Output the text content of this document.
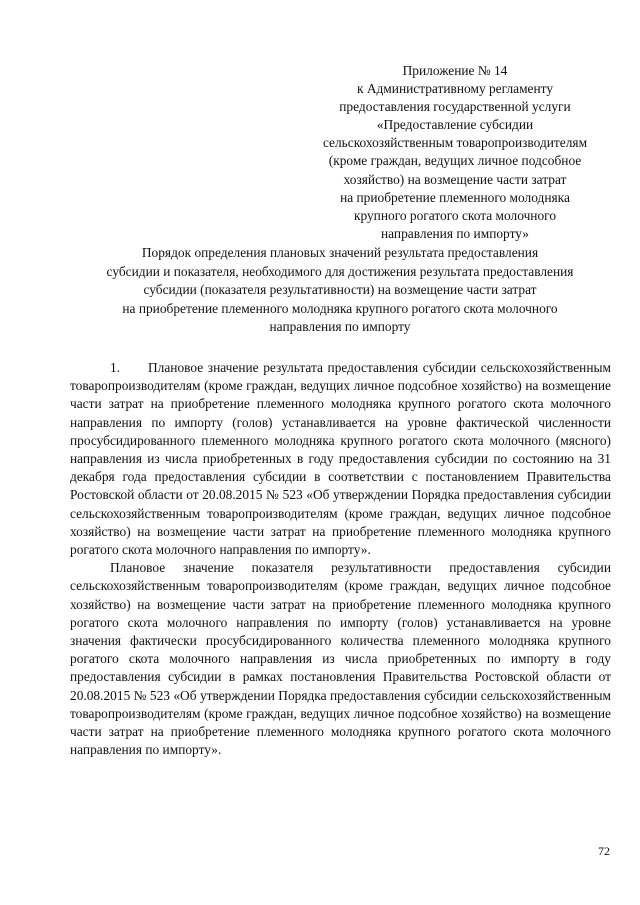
Приложение № 14
к Административному регламенту
предоставления государственной услуги
«Предоставление субсидии
сельскохозяйственным товаропроизводителям
(кроме граждан, ведущих личное подсобное
хозяйство) на возмещение части затрат
на приобретение племенного молодняка
крупного рогатого скота молочного
направления по импорту»
Порядок определения плановых значений результата предоставления
субсидии и показателя, необходимого для достижения результата предоставления
субсидии (показателя результативности) на возмещение части затрат
на приобретение племенного молодняка крупного рогатого скота молочного
направления по импорту

1. Плановое значение результата предоставления субсидии сельскохозяйственным товаропроизводителям (кроме граждан, ведущих личное подсобное хозяйство) на возмещение части затрат на приобретение племенного молодняка крупного рогатого скота молочного направления по импорту (голов) устанавливается на уровне фактической численности просубсидированного племенного молодняка крупного рогатого скота молочного (мясного) направления из числа приобретенных в году предоставления субсидии по состоянию на 31 декабря года предоставления субсидии в соответствии с постановлением Правительства Ростовской области от 20.08.2015 № 523 «Об утверждении Порядка предоставления субсидии сельскохозяйственным товаропроизводителям (кроме граждан, ведущих личное подсобное хозяйство) на возмещение части затрат на приобретение племенного молодняка крупного рогатого скота молочного направления по импорту».

Плановое значение показателя результативности предоставления субсидии сельскохозяйственным товаропроизводителям (кроме граждан, ведущих личное подсобное хозяйство) на возмещение части затрат на приобретение племенного молодняка крупного рогатого скота молочного направления по импорту (голов) устанавливается на уровне значения фактически просубсидированного количества племенного молодняка крупного рогатого скота молочного направления из числа приобретенных по импорту в году предоставления субсидии в рамках постановления Правительства Ростовской области от 20.08.2015 № 523 «Об утверждении Порядка предоставления субсидии сельскохозяйственным товаропроизводителям (кроме граждан, ведущих личное подсобное хозяйство) на возмещение части затрат на приобретение племенного молодняка крупного рогатого скота молочного направления по импорту».

72
